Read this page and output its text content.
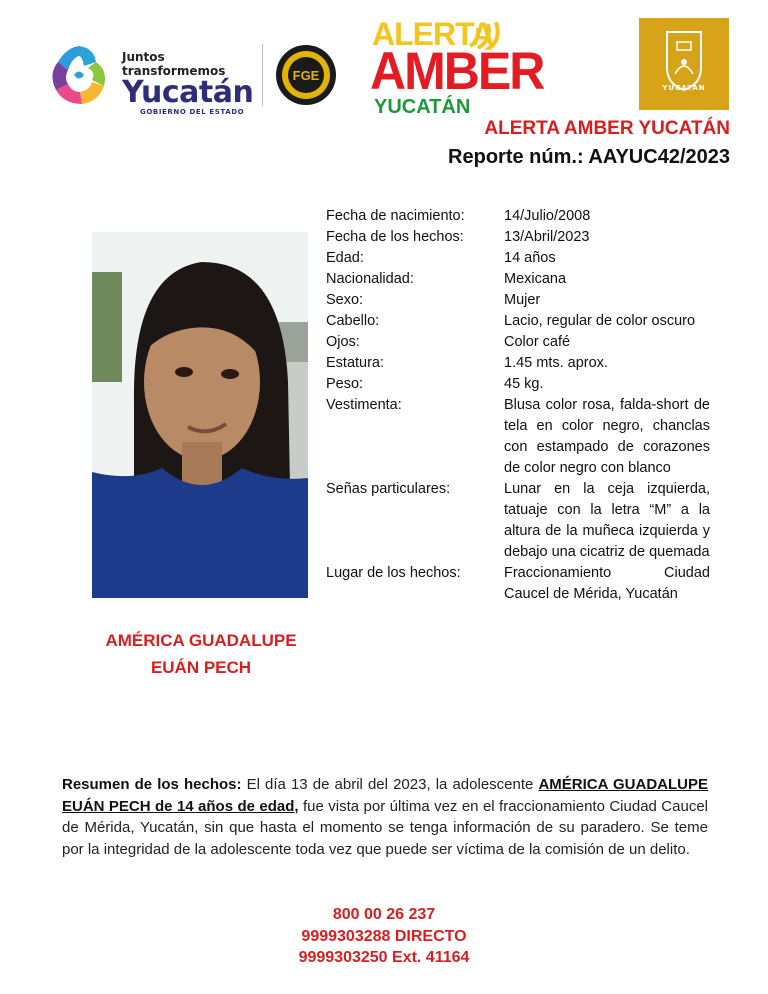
Juntos transformemos
Yucatán
GOBIERNO DEL ESTADO
FGE
ALERTA
AMBER
YUCATÁN
YUCATÁN
ALERTA AMBER YUCATÁN
Reporte núm.: AAYUC42/2023
AMÉRICA GUADALUPE
EUÁN PECH
Fecha de nacimiento:	14/Julio/2008
Fecha de los hechos:	13/Abril/2023
Edad:	14 años
Nacionalidad:	Mexicana
Sexo:	Mujer
Cabello:	Lacio, regular de color oscuro
Ojos:	Color café
Estatura:	1.45 mts. aprox.
Peso:	45 kg.
Vestimenta:	Blusa color rosa, falda-short de tela en color negro, chanclas con estampado de corazones de color negro con blanco
Señas particulares:	Lunar en la ceja izquierda, tatuaje con la letra “M” a la altura de la muñeca izquierda y debajo una cicatriz de quemada
Lugar de los hechos:	Fraccionamiento Ciudad Caucel de Mérida, Yucatán
Resumen de los hechos: El día 13 de abril del 2023, la adolescente AMÉRICA GUADALUPE EUÁN PECH de 14 años de edad, fue vista por última vez en el fraccionamiento Ciudad Caucel de Mérida, Yucatán, sin que hasta el momento se tenga información de su paradero. Se teme por la integridad de la adolescente toda vez que puede ser víctima de la comisión de un delito.
800 00 26 237
9999303288 DIRECTO
9999303250 Ext. 41164
